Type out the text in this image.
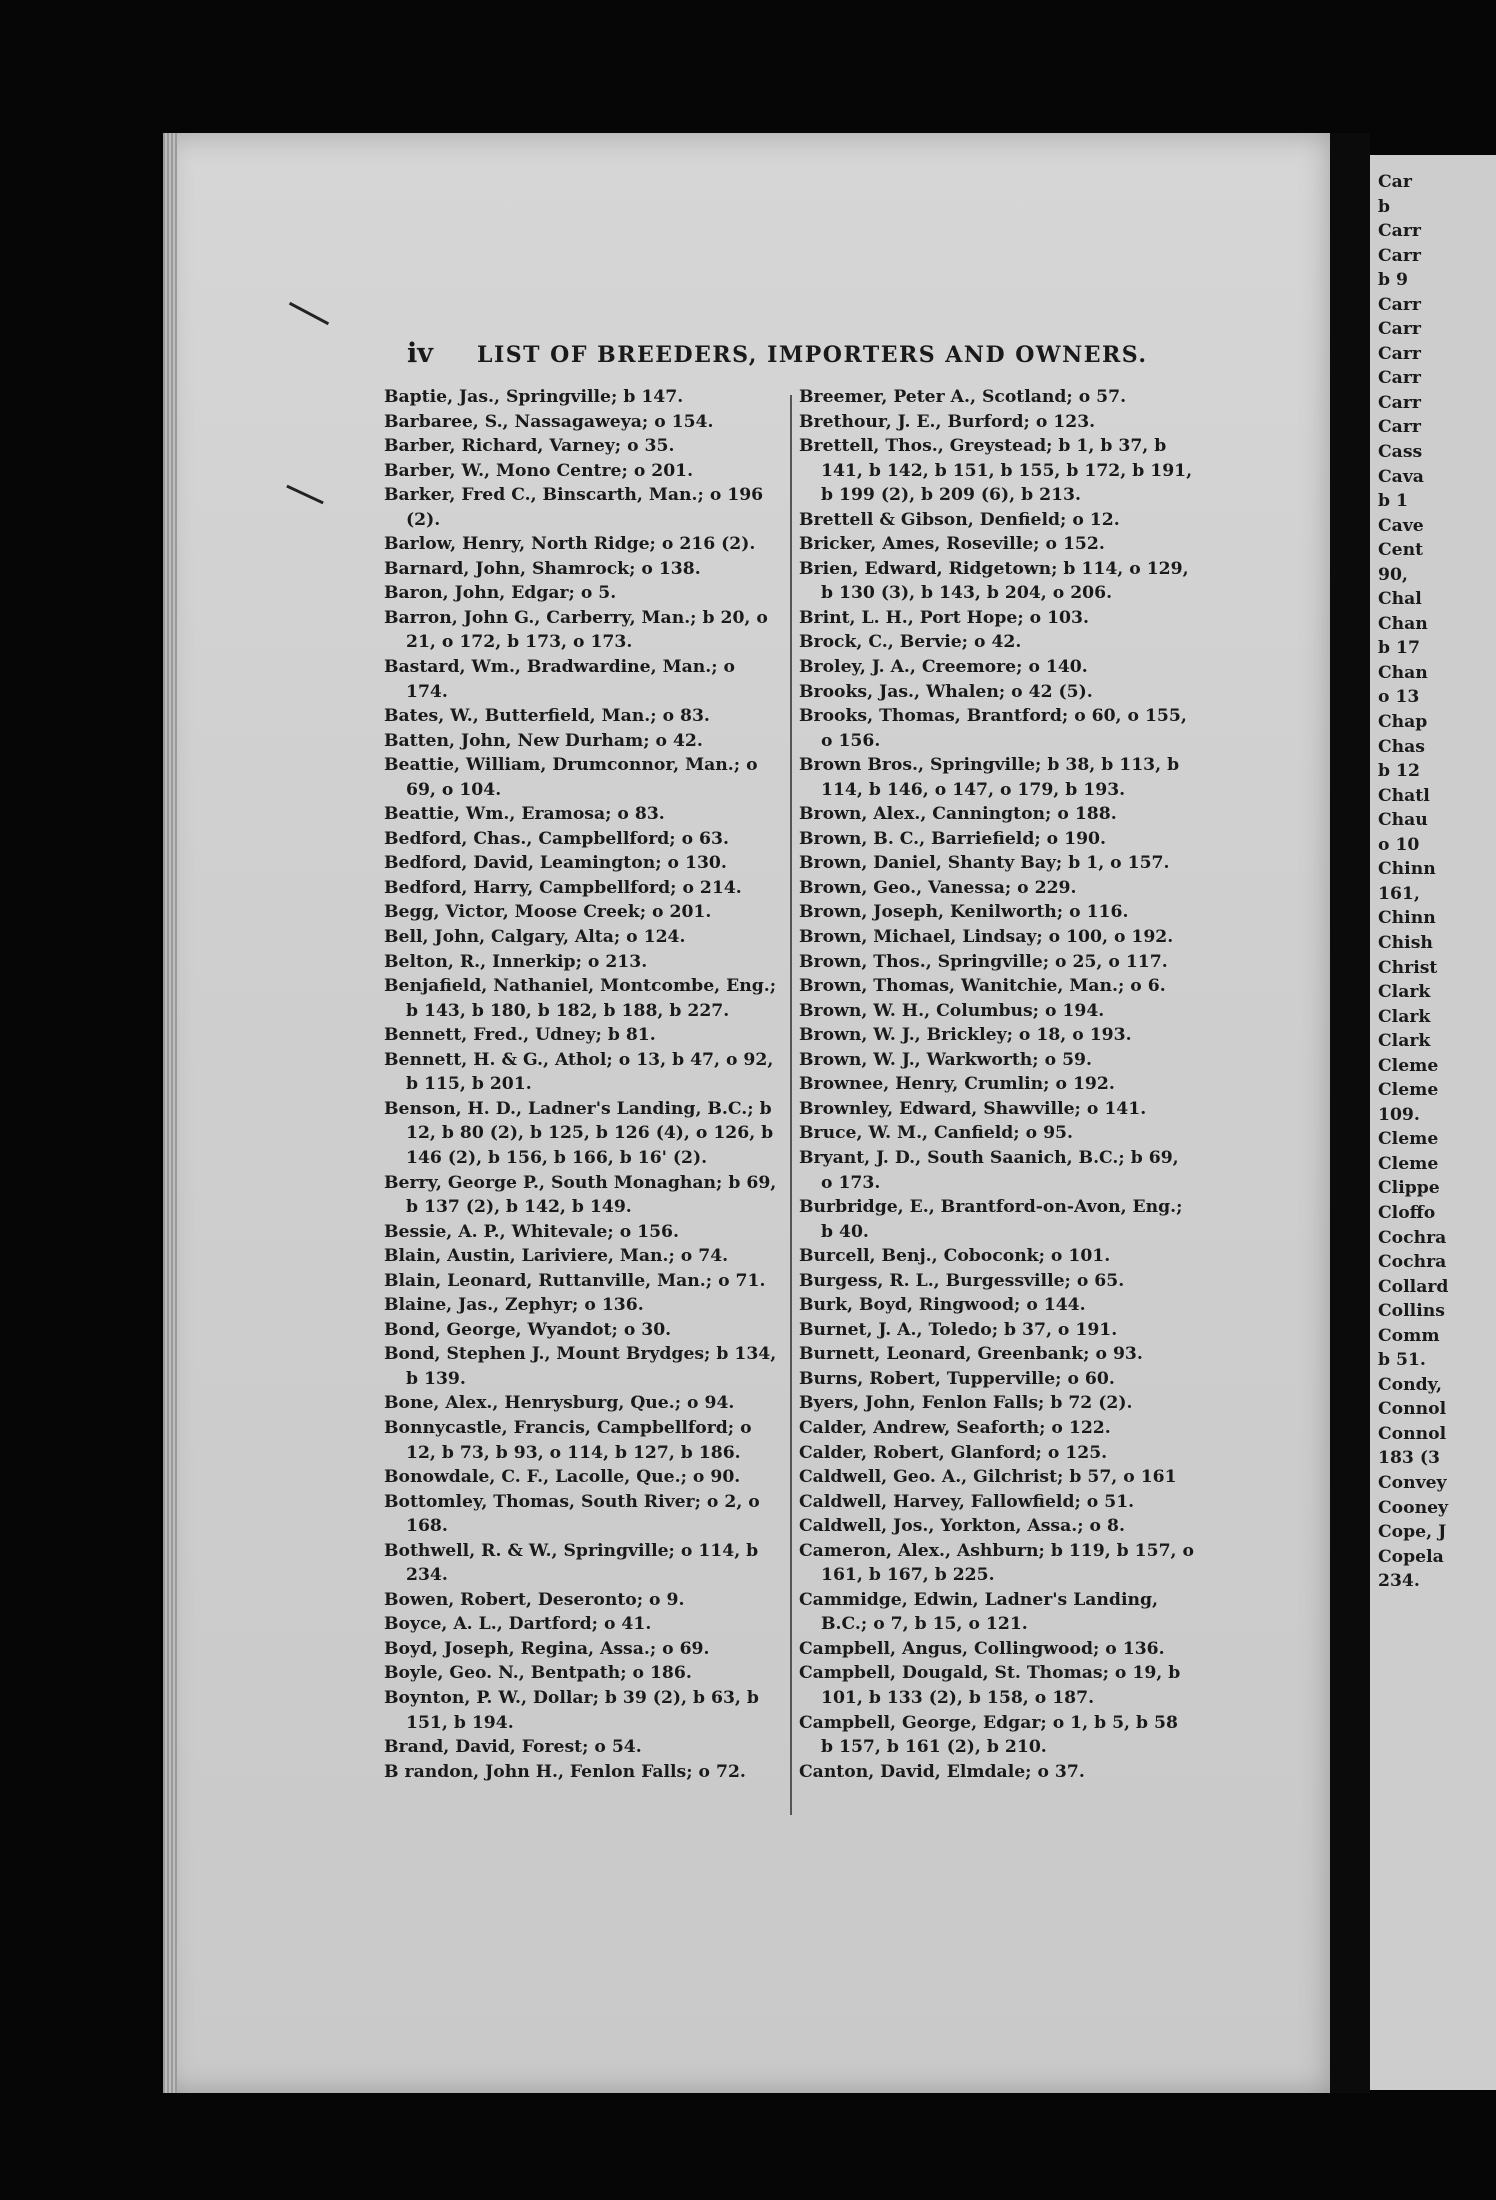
Car
b
Carr
Carr
b 9
Carr
Carr
Carr
Carr
Carr
Carr
Cass
Cava
b 1
Cave
Cent
90,
Chal
Chan
b 17
Chan
o 13
Chap
Chas
b 12
Chatl
Chau
o 10
Chinn
161,
Chinn
Chish
Christ
Clark
Clark
Clark
Cleme
Cleme
109.
Cleme
Cleme
Clippe
Cloffo
Cochra
Cochra
Collard
Collins
Comm
b 51.
Condy,
Connol
Connol
183 (3
Convey
Cooney
Cope, J
Copela
234.
iv	LIST OF BREEDERS, IMPORTERS AND OWNERS.
Baptie, Jas., Springville; b 147.
Barbaree, S., Nassagaweya; o 154.
Barber, Richard, Varney; o 35.
Barber, W., Mono Centre; o 201.
Barker, Fred C., Binscarth, Man.; o 196 (2).
Barlow, Henry, North Ridge; o 216 (2).
Barnard, John, Shamrock; o 138.
Baron, John, Edgar; o 5.
Barron, John G., Carberry, Man.; b 20, o 21, o 172, b 173, o 173.
Bastard, Wm., Bradwardine, Man.; o 174.
Bates, W., Butterfield, Man.; o 83.
Batten, John, New Durham; o 42.
Beattie, William, Drumconnor, Man.; o 69, o 104.
Beattie, Wm., Eramosa; o 83.
Bedford, Chas., Campbellford; o 63.
Bedford, David, Leamington; o 130.
Bedford, Harry, Campbellford; o 214.
Begg, Victor, Moose Creek; o 201.
Bell, John, Calgary, Alta; o 124.
Belton, R., Innerkip; o 213.
Benjafield, Nathaniel, Montcombe, Eng.; b 143, b 180, b 182, b 188, b 227.
Bennett, Fred., Udney; b 81.
Bennett, H. & G., Athol; o 13, b 47, o 92, b 115, b 201.
Benson, H. D., Ladner's Landing, B.C.; b 12, b 80 (2), b 125, b 126 (4), o 126, b 146 (2), b 156, b 166, b 16' (2).
Berry, George P., South Monaghan; b 69, b 137 (2), b 142, b 149.
Bessie, A. P., Whitevale; o 156.
Blain, Austin, Lariviere, Man.; o 74.
Blain, Leonard, Ruttanville, Man.; o 71.
Blaine, Jas., Zephyr; o 136.
Bond, George, Wyandot; o 30.
Bond, Stephen J., Mount Brydges; b 134, b 139.
Bone, Alex., Henrysburg, Que.; o 94.
Bonnycastle, Francis, Campbellford; o 12, b 73, b 93, o 114, b 127, b 186.
Bonowdale, C. F., Lacolle, Que.; o 90.
Bottomley, Thomas, South River; o 2, o 168.
Bothwell, R. & W., Springville; o 114, b 234.
Bowen, Robert, Deseronto; o 9.
Boyce, A. L., Dartford; o 41.
Boyd, Joseph, Regina, Assa.; o 69.
Boyle, Geo. N., Bentpath; o 186.
Boynton, P. W., Dollar; b 39 (2), b 63, b 151, b 194.
Brand, David, Forest; o 54.
B randon, John H., Fenlon Falls; o 72.
Breemer, Peter A., Scotland; o 57.
Brethour, J. E., Burford; o 123.
Brettell, Thos., Greystead; b 1, b 37, b 141, b 142, b 151, b 155, b 172, b 191, b 199 (2), b 209 (6), b 213.
Brettell & Gibson, Denfield; o 12.
Bricker, Ames, Roseville; o 152.
Brien, Edward, Ridgetown; b 114, o 129, b 130 (3), b 143, b 204, o 206.
Brint, L. H., Port Hope; o 103.
Brock, C., Bervie; o 42.
Broley, J. A., Creemore; o 140.
Brooks, Jas., Whalen; o 42 (5).
Brooks, Thomas, Brantford; o 60, o 155, o 156.
Brown Bros., Springville; b 38, b 113, b 114, b 146, o 147, o 179, b 193.
Brown, Alex., Cannington; o 188.
Brown, B. C., Barriefield; o 190.
Brown, Daniel, Shanty Bay; b 1, o 157.
Brown, Geo., Vanessa; o 229.
Brown, Joseph, Kenilworth; o 116.
Brown, Michael, Lindsay; o 100, o 192.
Brown, Thos., Springville; o 25, o 117.
Brown, Thomas, Wanitchie, Man.; o 6.
Brown, W. H., Columbus; o 194.
Brown, W. J., Brickley; o 18, o 193.
Brown, W. J., Warkworth; o 59.
Brownee, Henry, Crumlin; o 192.
Brownley, Edward, Shawville; o 141.
Bruce, W. M., Canfield; o 95.
Bryant, J. D., South Saanich, B.C.; b 69, o 173.
Burbridge, E., Brantford-on-Avon, Eng.; b 40.
Burcell, Benj., Coboconk; o 101.
Burgess, R. L., Burgessville; o 65.
Burk, Boyd, Ringwood; o 144.
Burnet, J. A., Toledo; b 37, o 191.
Burnett, Leonard, Greenbank; o 93.
Burns, Robert, Tupperville; o 60.
Byers, John, Fenlon Falls; b 72 (2).
Calder, Andrew, Seaforth; o 122.
Calder, Robert, Glanford; o 125.
Caldwell, Geo. A., Gilchrist; b 57, o 161
Caldwell, Harvey, Fallowfield; o 51.
Caldwell, Jos., Yorkton, Assa.; o 8.
Cameron, Alex., Ashburn; b 119, b 157, o 161, b 167, b 225.
Cammidge, Edwin, Ladner's Landing, B.C.; o 7, b 15, o 121.
Campbell, Angus, Collingwood; o 136.
Campbell, Dougald, St. Thomas; o 19, b 101, b 133 (2), b 158, o 187.
Campbell, George, Edgar; o 1, b 5, b 58 b 157, b 161 (2), b 210.
Canton, David, Elmdale; o 37.
